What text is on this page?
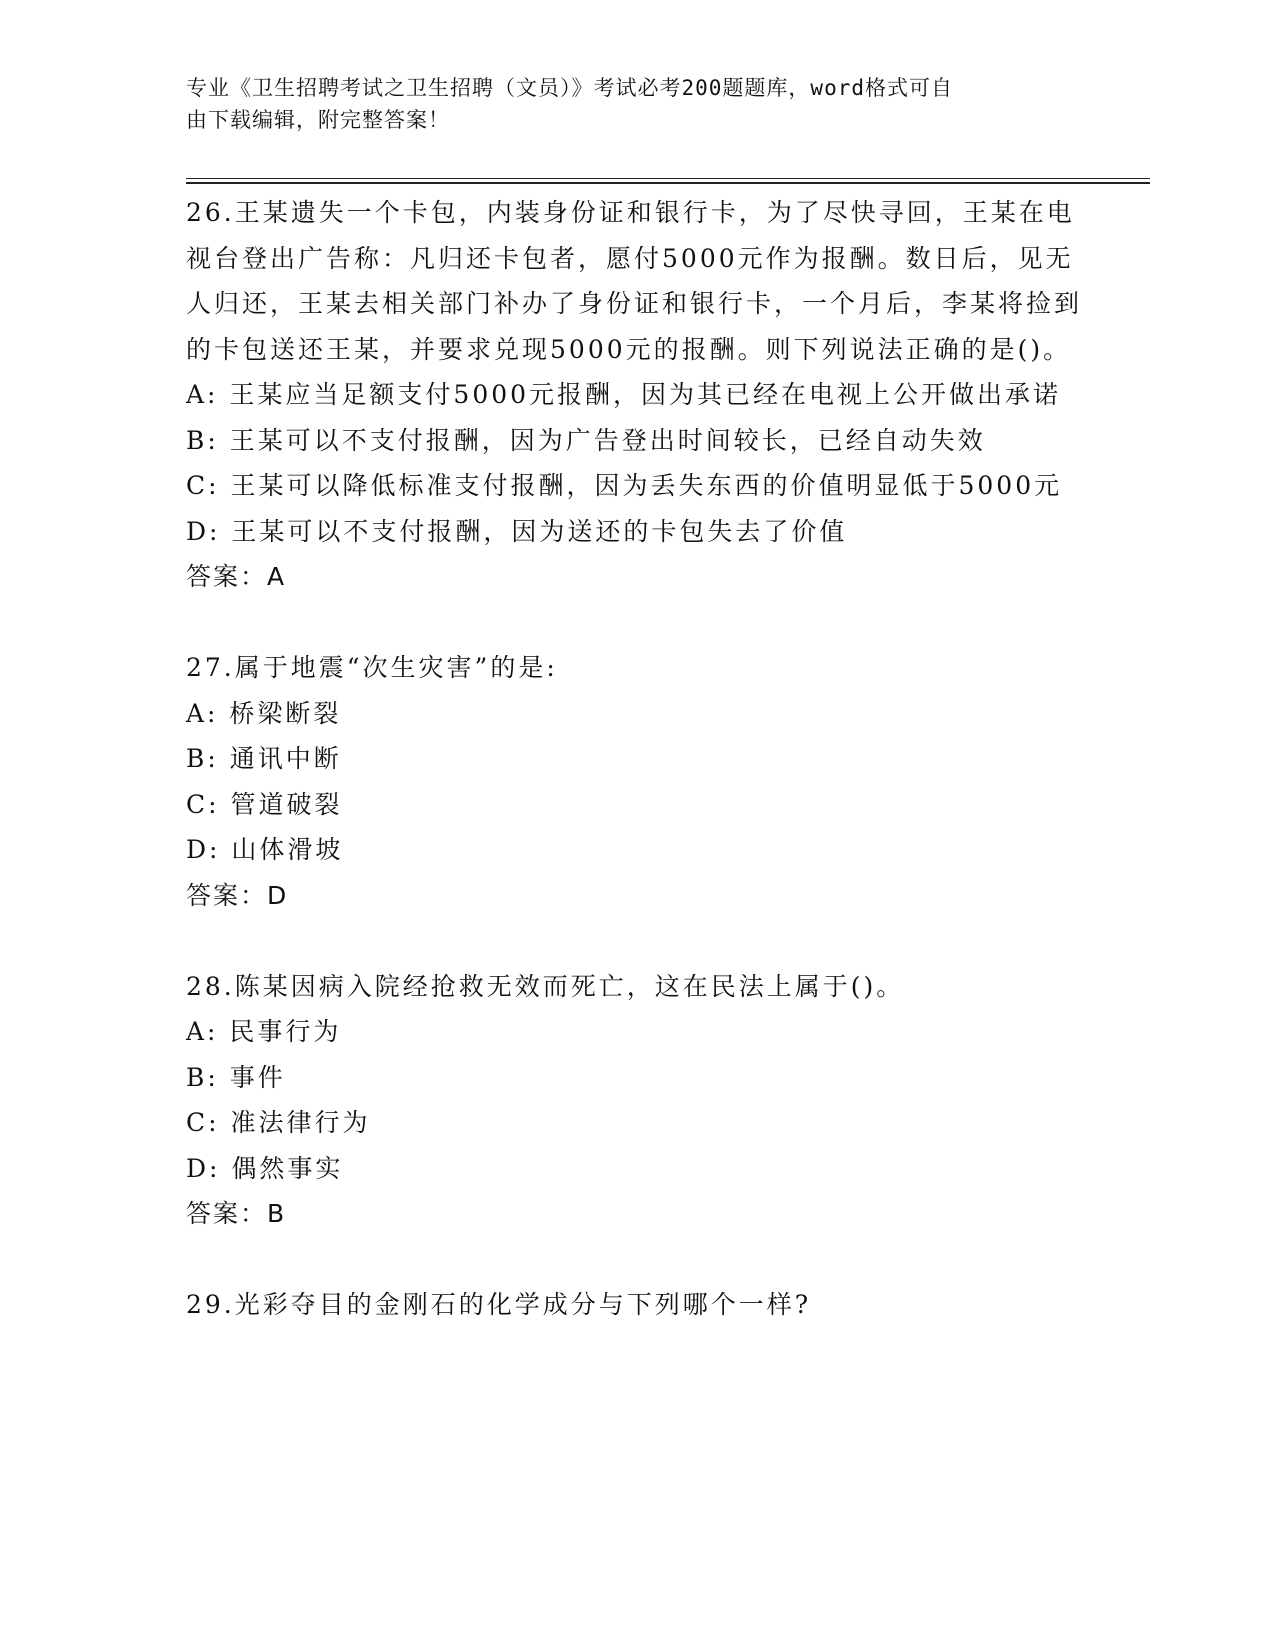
专业《卫生招聘考试之卫生招聘（文员）》考试必考200题题库，word格式可自
由下载编辑，附完整答案！

26.王某遗失一个卡包，内装身份证和银行卡，为了尽快寻回，王某在电视台登出广告称：凡归还卡包者，愿付5000元作为报酬。数日后，见无人归还，王某去相关部门补办了身份证和银行卡，一个月后，李某将捡到的卡包送还王某，并要求兑现5000元的报酬。则下列说法正确的是()。

A: 王某应当足额支付5000元报酬，因为其已经在电视上公开做出承诺

B: 王某可以不支付报酬，因为广告登出时间较长，已经自动失效

C: 王某可以降低标准支付报酬，因为丢失东西的价值明显低于5000元

D: 王某可以不支付报酬，因为送还的卡包失去了价值

答案：A

27.属于地震“次生灾害”的是:

A: 桥梁断裂

B: 通讯中断

C: 管道破裂

D: 山体滑坡

答案：D

28.陈某因病入院经抢救无效而死亡，这在民法上属于()。

A: 民事行为

B: 事件

C: 准法律行为

D: 偶然事实

答案：B

29.光彩夺目的金刚石的化学成分与下列哪个一样?
